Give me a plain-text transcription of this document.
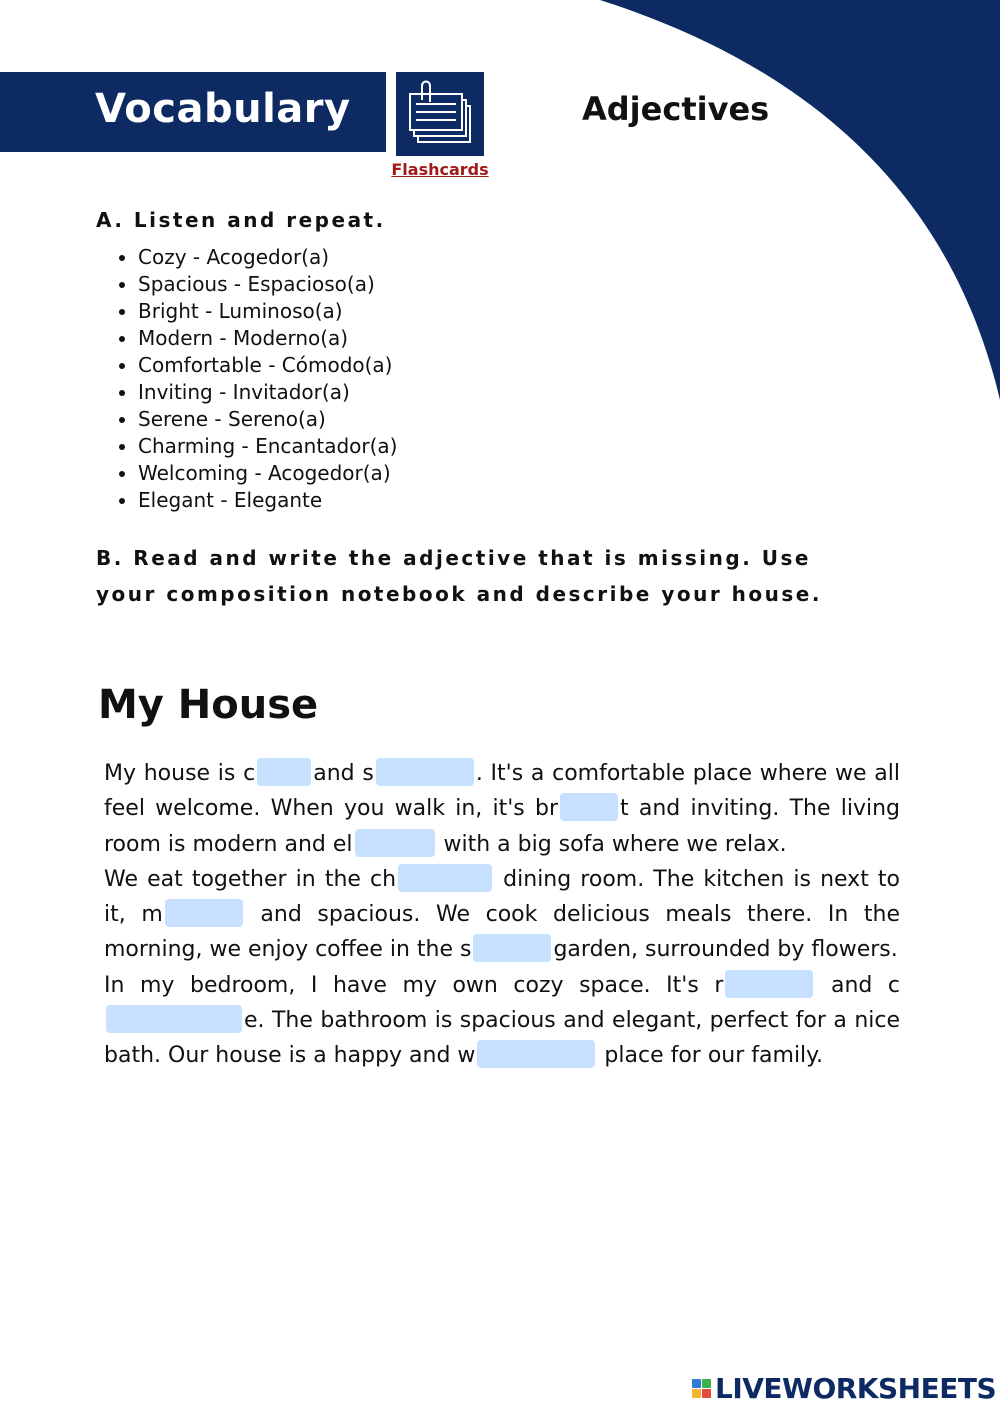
Vocabulary
Flashcards
Adjectives
A. Listen and repeat.
• Cozy - Acogedor(a)
• Spacious - Espacioso(a)
• Bright - Luminoso(a)
• Modern - Moderno(a)
• Comfortable - Cómodo(a)
• Inviting - Invitador(a)
• Serene - Sereno(a)
• Charming - Encantador(a)
• Welcoming - Acogedor(a)
• Elegant - Elegante
B. Read and write the adjective that is missing. Use your composition notebook and describe your house.
My House

My house is c	and s	. It's a comfortable place where we all feel welcome. When you walk in, it's br	t and inviting. The living room is modern and el	with a big sofa where we relax.

We eat together in the ch	dining room. The kitchen is next to it, m	and spacious. We cook delicious meals there. In the morning, we enjoy coffee in the s	garden, surrounded by flowers.

In my bedroom, I have my own cozy space. It's r	and ce. The bathroom is spacious and elegant, perfect for a nice bath. Our house is a happy and w	place for our family.

LIVEWORKSHEETS
